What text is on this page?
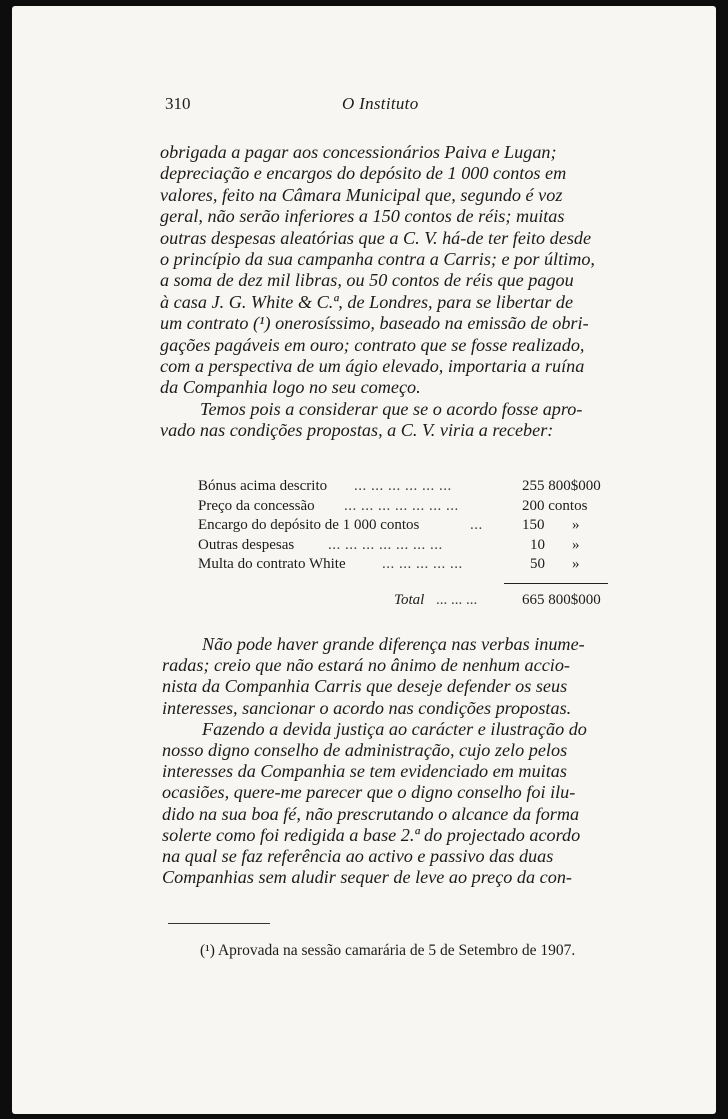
310	O Instituto
obrigada a pagar aos concessionários Paiva e Lugan;
depreciação e encargos do depósito de 1 000 contos em
valores, feito na Câmara Municipal que, segundo é voz
geral, não serão inferiores a 150 contos de réis; muitas
outras despesas aleatórias que a C. V. há-de ter feito desde
o princípio da sua campanha contra a Carris; e por último,
a soma de dez mil libras, ou 50 contos de réis que pagou
à casa J. G. White & C.ª, de Londres, para se libertar de
um contrato (¹) onerosíssimo, baseado na emissão de obri-
gações pagáveis em ouro; contrato que se fosse realizado,
com a perspectiva de um ágio elevado, importaria a ruína
da Companhia logo no seu começo.
Temos pois a considerar que se o acordo fosse apro-
vado nas condições propostas, a C. V. viria a receber:
Bónus acima descrito ... ... ... ... ... ...	255 800$000
Preço da concessão ... ... ... ... ... ... ...	200 contos
Encargo do depósito de 1 000 contos	...	150 »
Outras despesas ... ... ... ... ... ... ...	10 »
Multa do contrato White ... ... ... ... ...	50 »
Total ... ... ...	665 800$000
Não pode haver grande diferença nas verbas inume-
radas; creio que não estará no ânimo de nenhum accio-
nista da Companhia Carris que deseje defender os seus
interesses, sancionar o acordo nas condições propostas.
Fazendo a devida justiça ao carácter e ilustração do
nosso digno conselho de administração, cujo zelo pelos
interesses da Companhia se tem evidenciado em muitas
ocasiões, quere-me parecer que o digno conselho foi ilu-
dido na sua boa fé, não prescrutando o alcance da forma
solerte como foi redigida a base 2.ª do projectado acordo
na qual se faz referência ao activo e passivo das duas
Companhias sem aludir sequer de leve ao preço da con-
(¹) Aprovada na sessão camarária de 5 de Setembro de 1907.
